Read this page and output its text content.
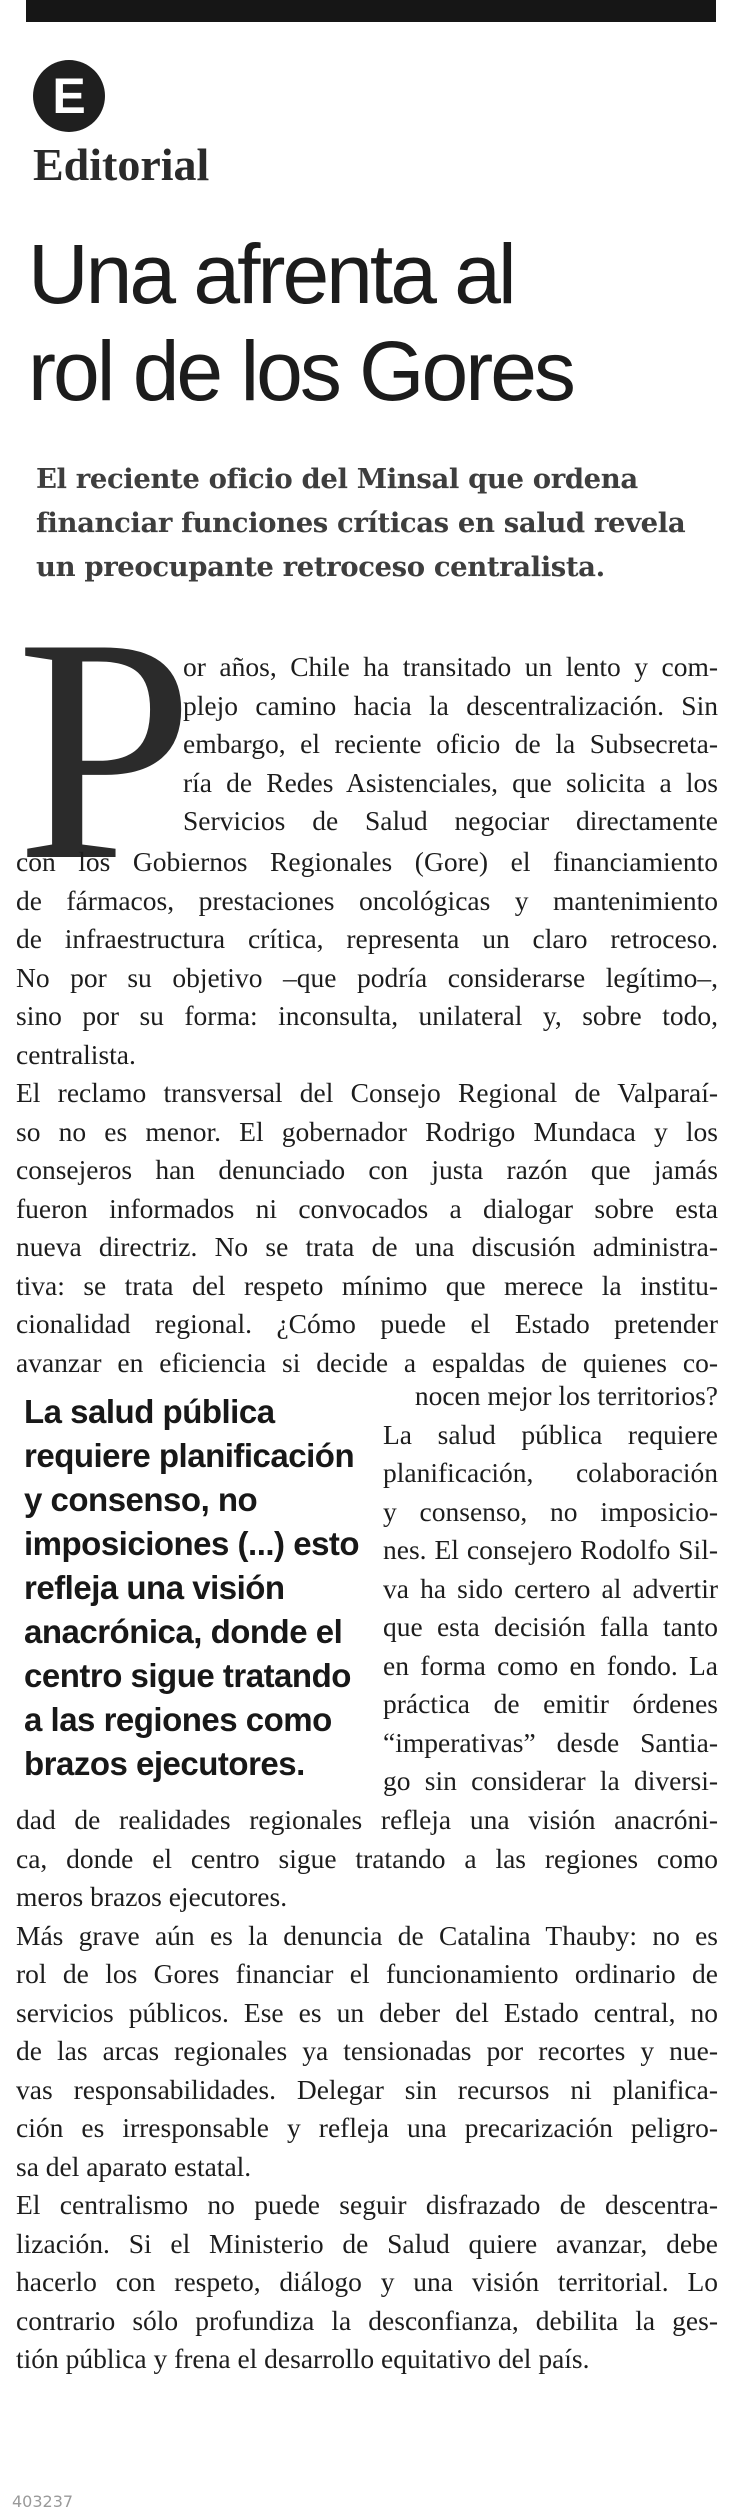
E
Editorial
Una afrenta al
rol de los Gores

El reciente oficio del Minsal que ordena
financiar funciones críticas en salud revela
un preocupante retroceso centralista.

P
or años, Chile ha transitado un lento y com-
plejo camino hacia la descentralización. Sin
embargo, el reciente oficio de la Subsecreta-
ría de Redes Asistenciales, que solicita a los
Servicios de Salud negociar directamente
con los Gobiernos Regionales (Gore) el financiamiento
de fármacos, prestaciones oncológicas y mantenimiento
de infraestructura crítica, representa un claro retroceso.
No por su objetivo –que podría considerarse legítimo–,
sino por su forma: inconsulta, unilateral y, sobre todo,
centralista.
El reclamo transversal del Consejo Regional de Valparaí-
so no es menor. El gobernador Rodrigo Mundaca y los
consejeros han denunciado con justa razón que jamás
fueron informados ni convocados a dialogar sobre esta
nueva directriz. No se trata de una discusión administra-
tiva: se trata del respeto mínimo que merece la institu-
cionalidad regional. ¿Cómo puede el Estado pretender
avanzar en eficiencia si decide a espaldas de quienes co-
La salud pública
requiere planificación
y consenso, no
imposiciones (...) esto
refleja una visión
anacrónica, donde el
centro sigue tratando
a las regiones como
brazos ejecutores.
nocen mejor los territorios?
La salud pública requiere
planificación, colaboración
y consenso, no imposicio-
nes. El consejero Rodolfo Sil-
va ha sido certero al advertir
que esta decisión falla tanto
en forma como en fondo. La
práctica de emitir órdenes
“imperativas” desde Santia-
go sin considerar la diversi-
dad de realidades regionales refleja una visión anacróni-
ca, donde el centro sigue tratando a las regiones como
meros brazos ejecutores.
Más grave aún es la denuncia de Catalina Thauby: no es
rol de los Gores financiar el funcionamiento ordinario de
servicios públicos. Ese es un deber del Estado central, no
de las arcas regionales ya tensionadas por recortes y nue-
vas responsabilidades. Delegar sin recursos ni planifica-
ción es irresponsable y refleja una precarización peligro-
sa del aparato estatal.
El centralismo no puede seguir disfrazado de descentra-
lización. Si el Ministerio de Salud quiere avanzar, debe
hacerlo con respeto, diálogo y una visión territorial. Lo
contrario sólo profundiza la desconfianza, debilita la ges-
tión pública y frena el desarrollo equitativo del país.
403237
